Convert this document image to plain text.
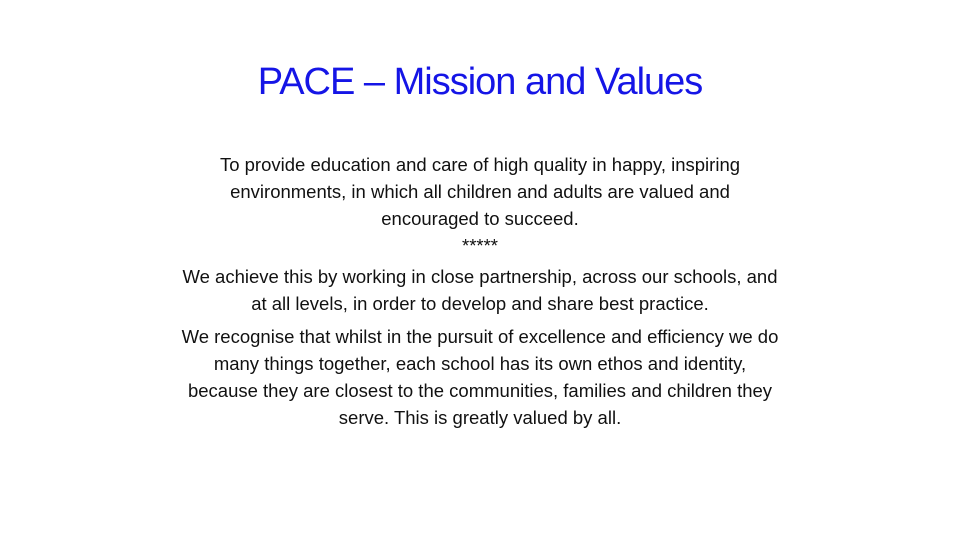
PACE – Mission and Values

To provide education and care of high quality in happy, inspiring environments, in which all children and adults are valued and encouraged to succeed.

*****

We achieve this by working in close partnership, across our schools, and at all levels, in order to develop and share best practice.

We recognise that whilst in the pursuit of excellence and efficiency we do many things together, each school has its own ethos and identity, because they are closest to the communities, families and children they serve. This is greatly valued by all.
